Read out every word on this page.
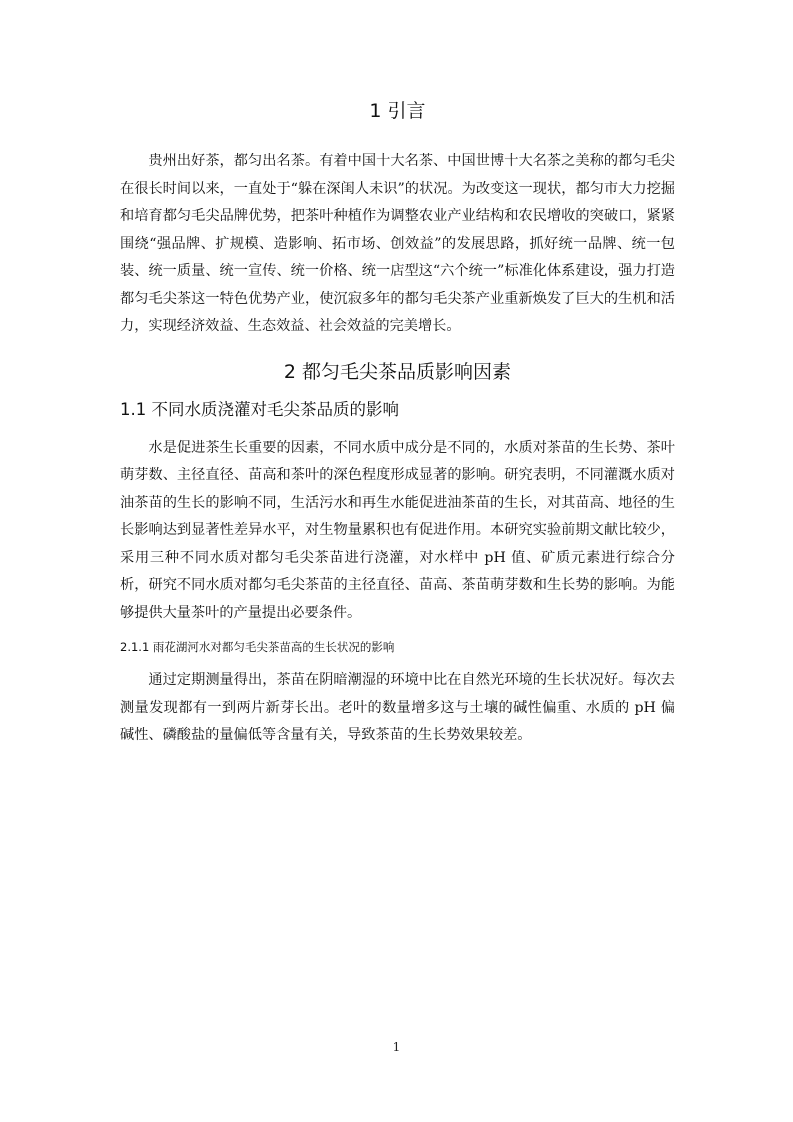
1 引言

贵州出好茶，都匀出名茶。有着中国十大名茶、中国世博十大名茶之美称的都匀毛尖在很长时间以来，一直处于“躲在深闺人未识”的状况。为改变这一现状，都匀市大力挖掘和培育都匀毛尖品牌优势，把茶叶种植作为调整农业产业结构和农民增收的突破口，紧紧围绕“强品牌、扩规模、造影响、拓市场、创效益”的发展思路，抓好统一品牌、统一包装、统一质量、统一宣传、统一价格、统一店型这“六个统一”标准化体系建设，强力打造都匀毛尖茶这一特色优势产业，使沉寂多年的都匀毛尖茶产业重新焕发了巨大的生机和活力，实现经济效益、生态效益、社会效益的完美增长。

2 都匀毛尖茶品质影响因素
1.1 不同水质浇灌对毛尖茶品质的影响

水是促进茶生长重要的因素，不同水质中成分是不同的，水质对茶苗的生长势、茶叶萌芽数、主径直径、苗高和茶叶的深色程度形成显著的影响。研究表明，不同灌溉水质对油茶苗的生长的影响不同，生活污水和再生水能促进油茶苗的生长，对其苗高、地径的生长影响达到显著性差异水平，对生物量累积也有促进作用。本研究实验前期文献比较少，采用三种不同水质对都匀毛尖茶苗进行浇灌，对水样中 pH 值、矿质元素进行综合分析，研究不同水质对都匀毛尖茶苗的主径直径、苗高、茶苗萌芽数和生长势的影响。为能够提供大量茶叶的产量提出必要条件。

2.1.1 雨花湖河水对都匀毛尖茶苗高的生长状况的影响

通过定期测量得出，茶苗在阴暗潮湿的环境中比在自然光环境的生长状况好。每次去测量发现都有一到两片新芽长出。老叶的数量增多这与土壤的碱性偏重、水质的 pH 偏碱性、磷酸盐的量偏低等含量有关，导致茶苗的生长势效果较差。

1
